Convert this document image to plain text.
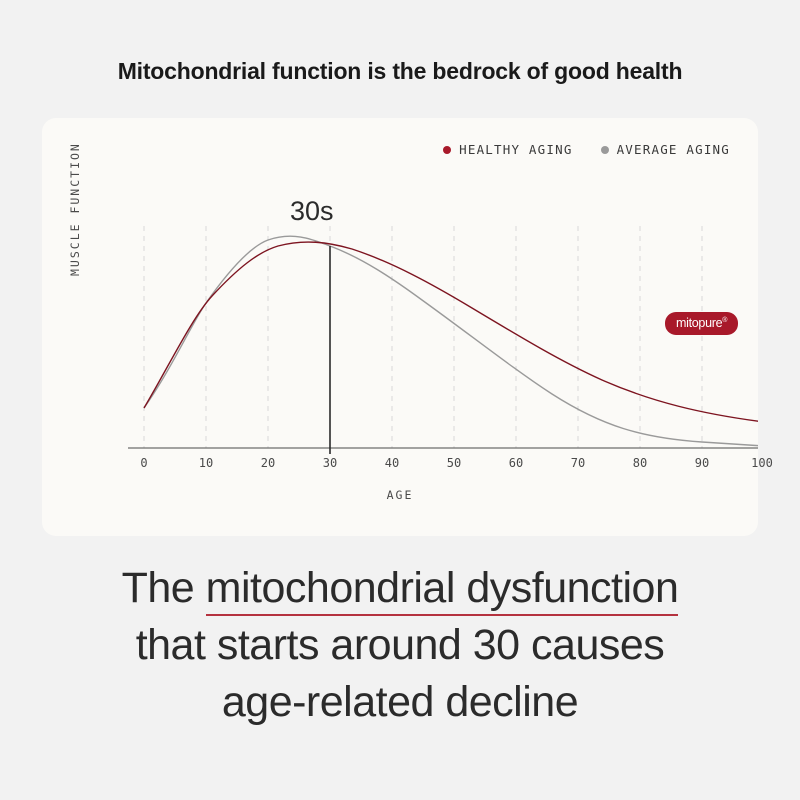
Mitochondrial function is the bedrock of good health
HEALTHY AGING	AVERAGE AGING
MUSCLE FUNCTION
AGE
0	10	20	30	40	50	60	70	80	90	100
30s
mitopure®
The mitochondrial dysfunction
that starts around 30 causes
age-related decline
